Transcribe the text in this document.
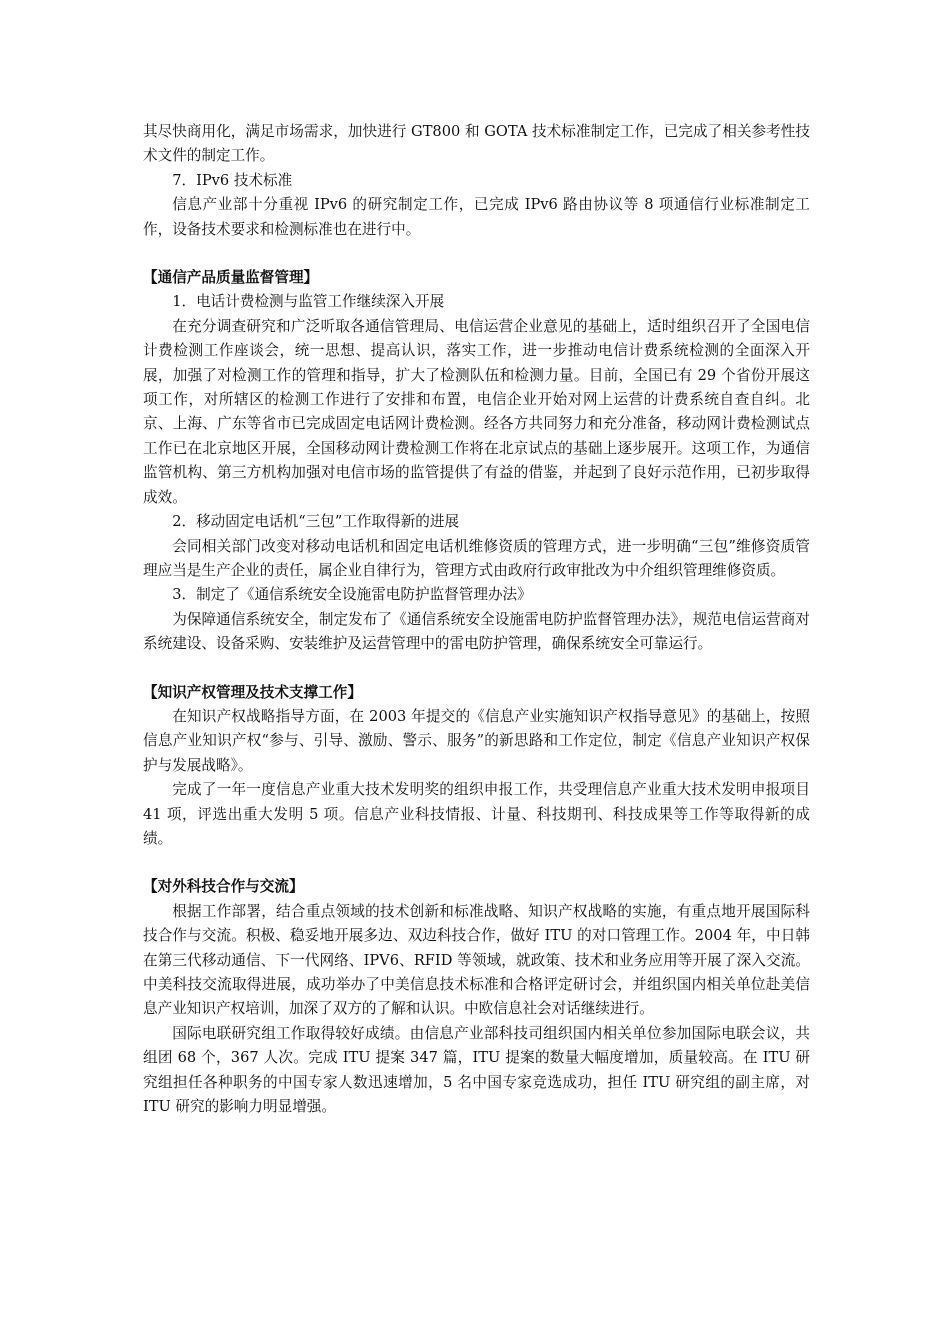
其尽快商用化，满足市场需求，加快进行 GT800 和 GOTA 技术标准制定工作，已完成了相关参考性技术文件的制定工作。

7．IPv6 技术标准

信息产业部十分重视 IPv6 的研究制定工作，已完成 IPv6 路由协议等 8 项通信行业标准制定工作，设备技术要求和检测标准也在进行中。

【通信产品质量监督管理】

1．电话计费检测与监管工作继续深入开展

在充分调查研究和广泛听取各通信管理局、电信运营企业意见的基础上，适时组织召开了全国电信计费检测工作座谈会，统一思想、提高认识，落实工作，进一步推动电信计费系统检测的全面深入开展，加强了对检测工作的管理和指导，扩大了检测队伍和检测力量。目前，全国已有 29 个省份开展这项工作，对所辖区的检测工作进行了安排和布置，电信企业开始对网上运营的计费系统自查自纠。北京、上海、广东等省市已完成固定电话网计费检测。经各方共同努力和充分准备，移动网计费检测试点工作已在北京地区开展，全国移动网计费检测工作将在北京试点的基础上逐步展开。这项工作，为通信监管机构、第三方机构加强对电信市场的监管提供了有益的借鉴，并起到了良好示范作用，已初步取得成效。

2．移动固定电话机“三包”工作取得新的进展

会同相关部门改变对移动电话机和固定电话机维修资质的管理方式，进一步明确“三包”维修资质管理应当是生产企业的责任，属企业自律行为，管理方式由政府行政审批改为中介组织管理维修资质。

3．制定了《通信系统安全设施雷电防护监督管理办法》

为保障通信系统安全，制定发布了《通信系统安全设施雷电防护监督管理办法》，规范电信运营商对系统建设、设备采购、安装维护及运营管理中的雷电防护管理，确保系统安全可靠运行。

【知识产权管理及技术支撑工作】

在知识产权战略指导方面，在 2003 年提交的《信息产业实施知识产权指导意见》的基础上，按照信息产业知识产权“参与、引导、激励、警示、服务”的新思路和工作定位，制定《信息产业知识产权保护与发展战略》。

完成了一年一度信息产业重大技术发明奖的组织申报工作，共受理信息产业重大技术发明申报项目 41 项，评选出重大发明 5 项。信息产业科技情报、计量、科技期刊、科技成果等工作等取得新的成绩。

【对外科技合作与交流】

根据工作部署，结合重点领域的技术创新和标准战略、知识产权战略的实施，有重点地开展国际科技合作与交流。积极、稳妥地开展多边、双边科技合作，做好 ITU 的对口管理工作。2004 年，中日韩在第三代移动通信、下一代网络、IPV6、RFID 等领域，就政策、技术和业务应用等开展了深入交流。中美科技交流取得进展，成功举办了中美信息技术标准和合格评定研讨会，并组织国内相关单位赴美信息产业知识产权培训，加深了双方的了解和认识。中欧信息社会对话继续进行。

国际电联研究组工作取得较好成绩。由信息产业部科技司组织国内相关单位参加国际电联会议，共组团 68 个，367 人次。完成 ITU 提案 347 篇，ITU 提案的数量大幅度增加，质量较高。在 ITU 研究组担任各种职务的中国专家人数迅速增加，5 名中国专家竞选成功，担任 ITU 研究组的副主席，对 ITU 研究的影响力明显增强。
